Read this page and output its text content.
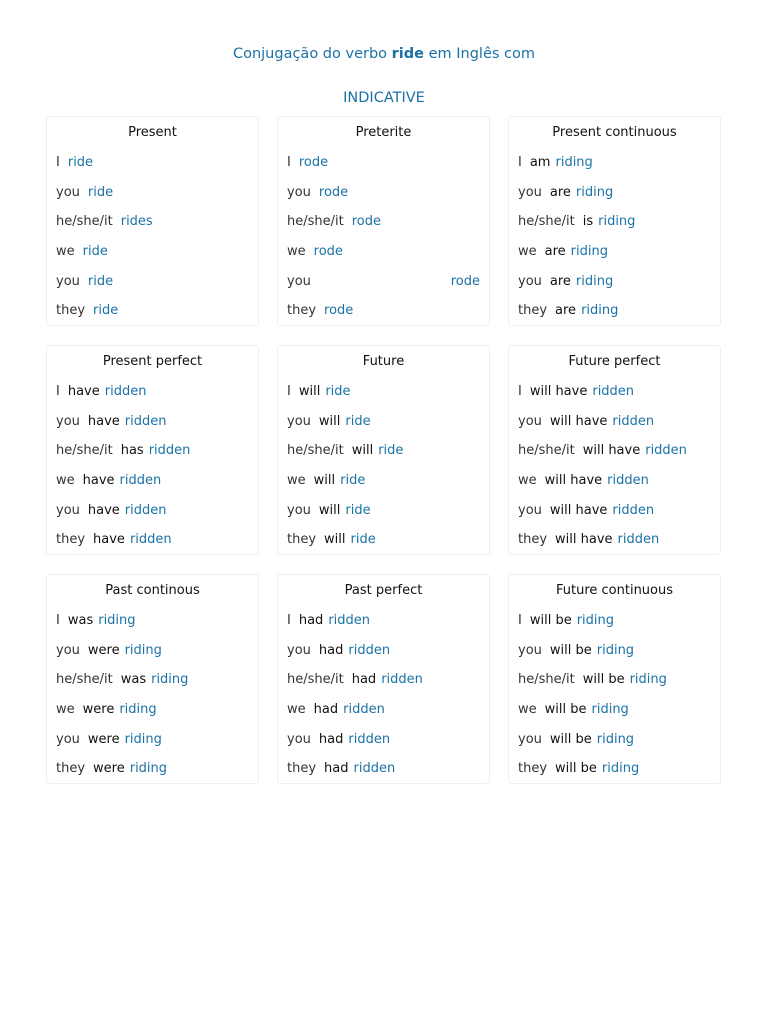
Conjugação do verbo ride em Inglês com
INDICATIVE
Present
I ride
you ride
he/she/it rides
we ride
you ride
they ride
Preterite
I rode
you rode
he/she/it rode
we rode
you	rode
they rode
Present continuous
I am riding
you are riding
he/she/it is riding
we are riding
you are riding
they are riding
Present perfect
I have ridden
you have ridden
he/she/it has ridden
we have ridden
you have ridden
they have ridden
Future
I will ride
you will ride
he/she/it will ride
we will ride
you will ride
they will ride
Future perfect
I will have ridden
you will have ridden
he/she/it will have ridden
we will have ridden
you will have ridden
they will have ridden
Past continous
I was riding
you were riding
he/she/it was riding
we were riding
you were riding
they were riding
Past perfect
I had ridden
you had ridden
he/she/it had ridden
we had ridden
you had ridden
they had ridden
Future continuous
I will be riding
you will be riding
he/she/it will be riding
we will be riding
you will be riding
they will be riding
